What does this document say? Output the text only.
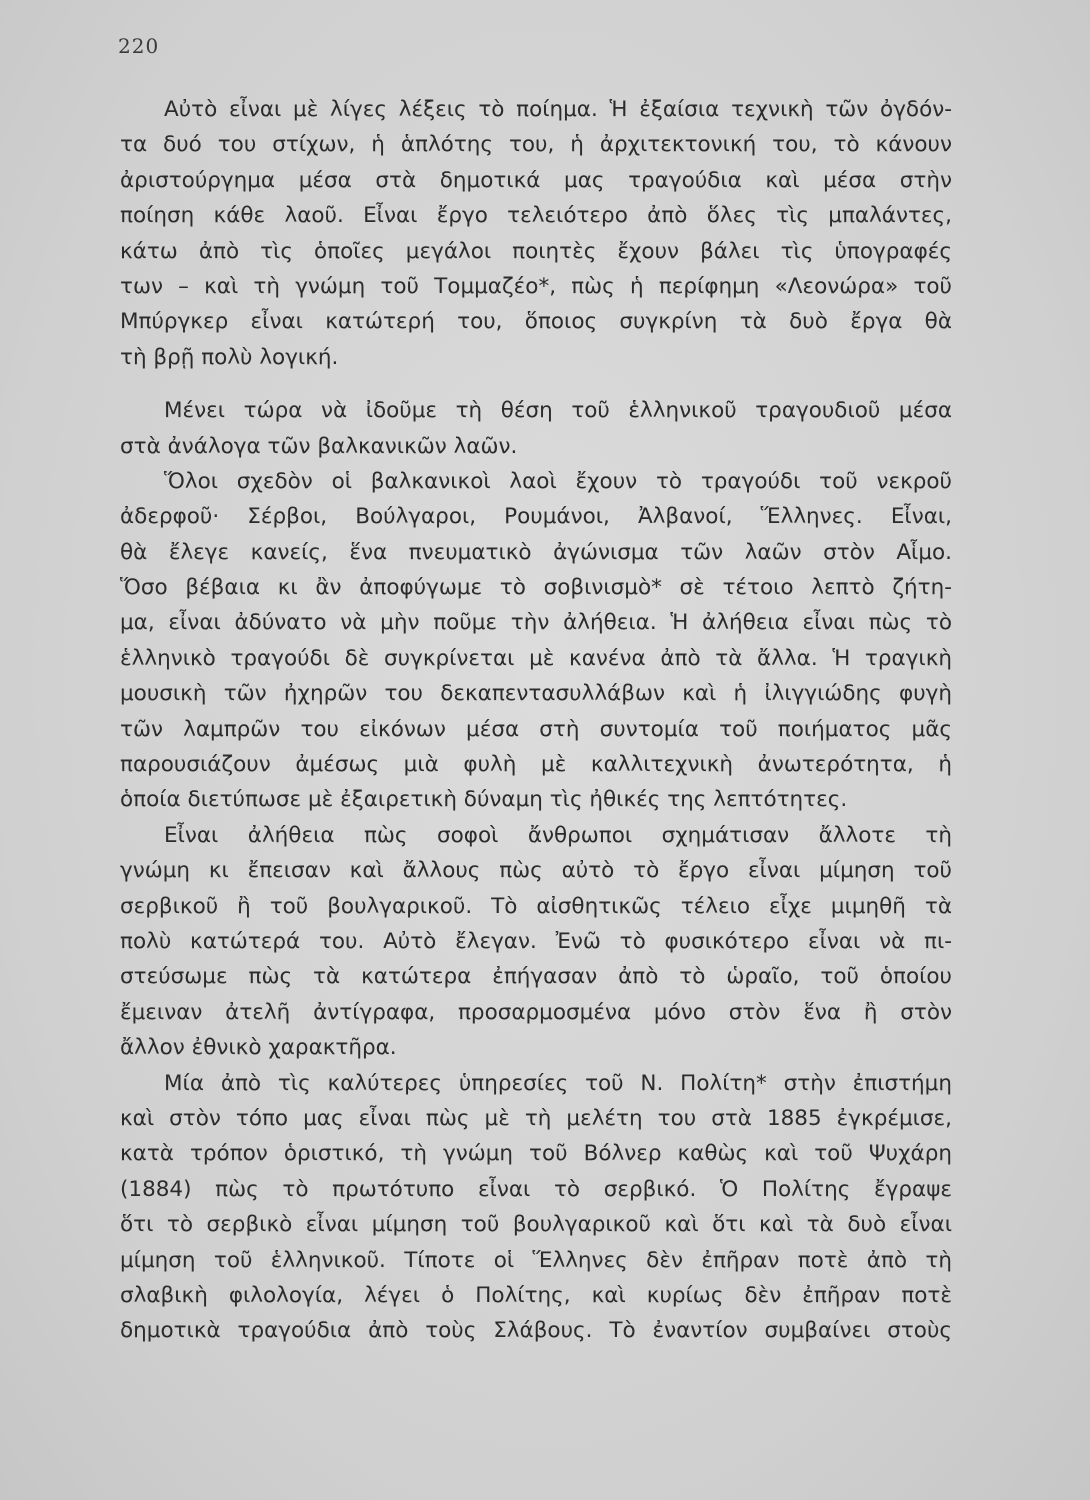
220
Αὐτὸ εἶναι μὲ λίγες λέξεις τὸ ποίημα. Ἡ ἐξαίσια τεχνικὴ τῶν ὀγδόν-
τα δυό του στίχων, ἡ ἁπλότης του, ἡ ἀρχιτεκτονική του, τὸ κάνουν
ἀριστούργημα μέσα στὰ δημοτικά μας τραγούδια καὶ μέσα στὴν
ποίηση κάθε λαοῦ. Εἶναι ἔργο τελειότερο ἀπὸ ὅλες τὶς μπαλάντες,
κάτω ἀπὸ τὶς ὁποῖες μεγάλοι ποιητὲς ἔχουν βάλει τὶς ὑπογραφές
των – καὶ τὴ γνώμη τοῦ Τομμαζέο*, πὼς ἡ περίφημη «Λεονώρα» τοῦ
Μπύργκερ εἶναι κατώτερή του, ὅποιος συγκρίνη τὰ δυὸ ἔργα θὰ
τὴ βρῇ πολὺ λογική.
Μένει τώρα νὰ ἰδοῦμε τὴ θέση τοῦ ἑλληνικοῦ τραγουδιοῦ μέσα
στὰ ἀνάλογα τῶν βαλκανικῶν λαῶν.
Ὅλοι σχεδὸν οἱ βαλκανικοὶ λαοὶ ἔχουν τὸ τραγούδι τοῦ νεκροῦ
ἀδερφοῦ· Σέρβοι, Βούλγαροι, Ρουμάνοι, Ἀλβανοί, Ἕλληνες. Εἶναι,
θὰ ἔλεγε κανείς, ἕνα πνευματικὸ ἀγώνισμα τῶν λαῶν στὸν Αἷμο.
Ὅσο βέβαια κι ἂν ἀποφύγωμε τὸ σοβινισμὸ* σὲ τέτοιο λεπτὸ ζήτη-
μα, εἶναι ἀδύνατο νὰ μὴν ποῦμε τὴν ἀλήθεια. Ἡ ἀλήθεια εἶναι πὼς τὸ
ἑλληνικὸ τραγούδι δὲ συγκρίνεται μὲ κανένα ἀπὸ τὰ ἄλλα. Ἡ τραγικὴ
μουσικὴ τῶν ἠχηρῶν του δεκαπεντασυλλάβων καὶ ἡ ἰλιγγιώδης φυγὴ
τῶν λαμπρῶν του εἰκόνων μέσα στὴ συντομία τοῦ ποιήματος μᾶς
παρουσιάζουν ἀμέσως μιὰ φυλὴ μὲ καλλιτεχνικὴ ἀνωτερότητα, ἡ
ὁποία διετύπωσε μὲ ἐξαιρετικὴ δύναμη τὶς ἠθικές της λεπτότητες.
Εἶναι ἀλήθεια πὼς σοφοὶ ἄνθρωποι σχημάτισαν ἄλλοτε τὴ
γνώμη κι ἔπεισαν καὶ ἄλλους πὼς αὐτὸ τὸ ἔργο εἶναι μίμηση τοῦ
σερβικοῦ ἢ τοῦ βουλγαρικοῦ. Τὸ αἰσθητικῶς τέλειο εἶχε μιμηθῆ τὰ
πολὺ κατώτερά του. Αὐτὸ ἔλεγαν. Ἐνῶ τὸ φυσικότερο εἶναι νὰ πι-
στεύσωμε πὼς τὰ κατώτερα ἐπήγασαν ἀπὸ τὸ ὡραῖο, τοῦ ὁποίου
ἔμειναν ἀτελῆ ἀντίγραφα, προσαρμοσμένα μόνο στὸν ἕνα ἢ στὸν
ἄλλον ἐθνικὸ χαρακτῆρα.
Μία ἀπὸ τὶς καλύτερες ὑπηρεσίες τοῦ Ν. Πολίτη* στὴν ἐπιστήμη
καὶ στὸν τόπο μας εἶναι πὼς μὲ τὴ μελέτη του στὰ 1885 ἐγκρέμισε,
κατὰ τρόπον ὁριστικό, τὴ γνώμη τοῦ Βόλνερ καθὼς καὶ τοῦ Ψυχάρη
(1884) πὼς τὸ πρωτότυπο εἶναι τὸ σερβικό. Ὁ Πολίτης ἔγραψε
ὅτι τὸ σερβικὸ εἶναι μίμηση τοῦ βουλγαρικοῦ καὶ ὅτι καὶ τὰ δυὸ εἶναι
μίμηση τοῦ ἑλληνικοῦ. Τίποτε οἱ Ἕλληνες δὲν ἐπῆραν ποτὲ ἀπὸ τὴ
σλαβικὴ φιλολογία, λέγει ὁ Πολίτης, καὶ κυρίως δὲν ἐπῆραν ποτὲ
δημοτικὰ τραγούδια ἀπὸ τοὺς Σλάβους. Τὸ ἐναντίον συμβαίνει στοὺς
